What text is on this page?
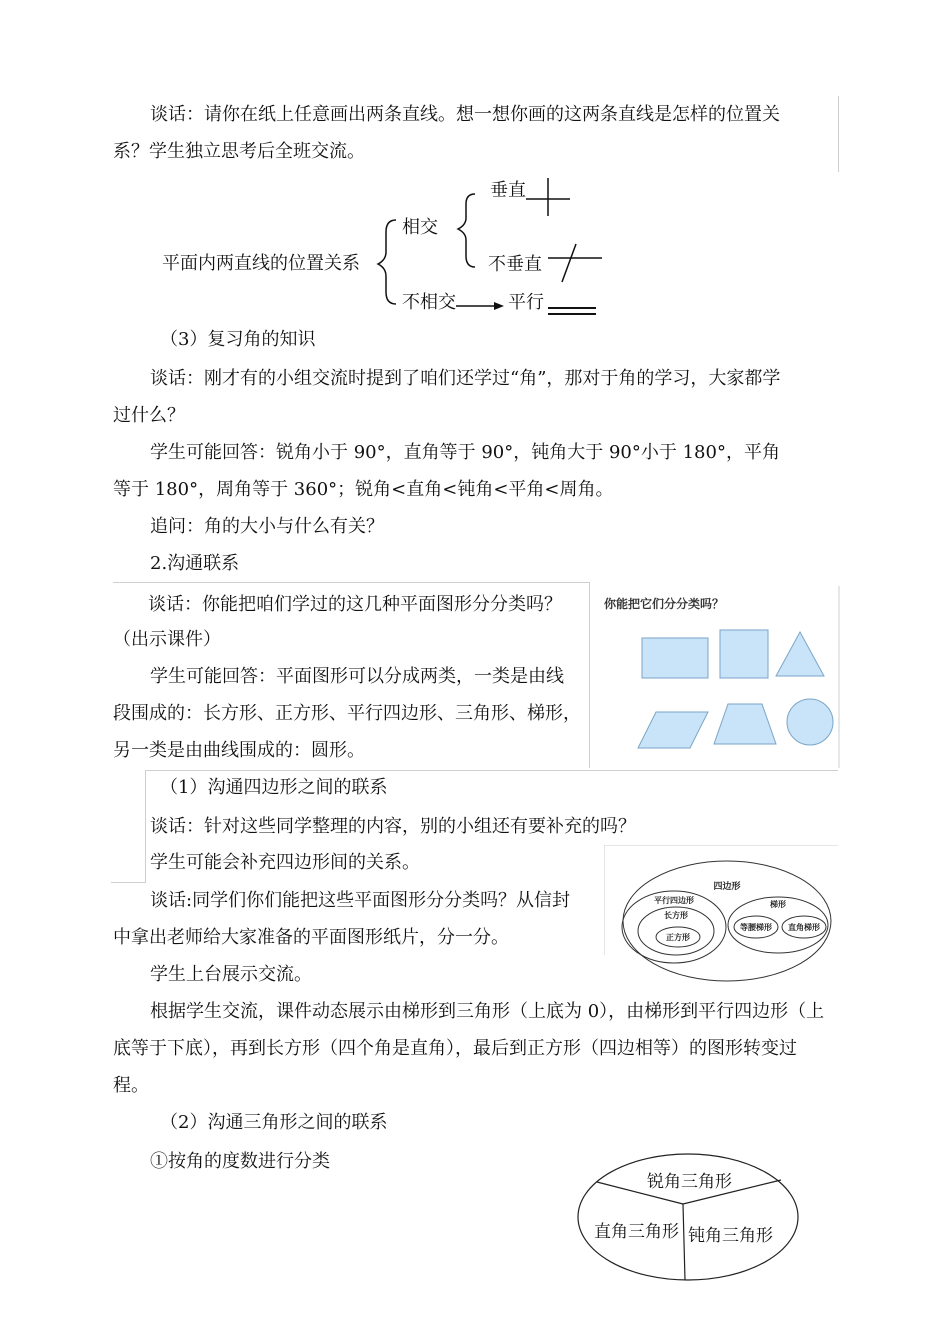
谈话：请你在纸上任意画出两条直线。想一想你画的这两条直线是怎样的位置关
系？学生独立思考后全班交流。
平面内两直线的位置关系
相交
垂直
不垂直
不相交	平行
（3）复习角的知识
谈话：刚才有的小组交流时提到了咱们还学过“角”，那对于角的学习，大家都学
过什么？
学生可能回答：锐角小于 90°，直角等于 90°，钝角大于 90°小于 180°，平角
等于 180°，周角等于 360°；锐角<直角<钝角<平角<周角。
追问：角的大小与什么有关？
2.沟通联系
谈话：你能把咱们学过的这几种平面图形分分类吗？
（出示课件）
学生可能回答：平面图形可以分成两类，一类是由线
段围成的：长方形、正方形、平行四边形、三角形、梯形，
另一类是由曲线围成的：圆形。
你能把它们分分类吗？
（1）沟通四边形之间的联系
谈话：针对这些同学整理的内容，别的小组还有要补充的吗？
学生可能会补充四边形间的关系。
谈话:同学们你们能把这些平面图形分分类吗？从信封
中拿出老师给大家准备的平面图形纸片，分一分。
学生上台展示交流。
四边形
平行四边形
长方形
正方形
梯形
等腰梯形 直角梯形
根据学生交流，课件动态展示由梯形到三角形（上底为 0），由梯形到平行四边形（上
底等于下底），再到长方形（四个角是直角），最后到正方形（四边相等）的图形转变过
程。
（2）沟通三角形之间的联系
①按角的度数进行分类
锐角三角形
直角三角形 钝角三角形
